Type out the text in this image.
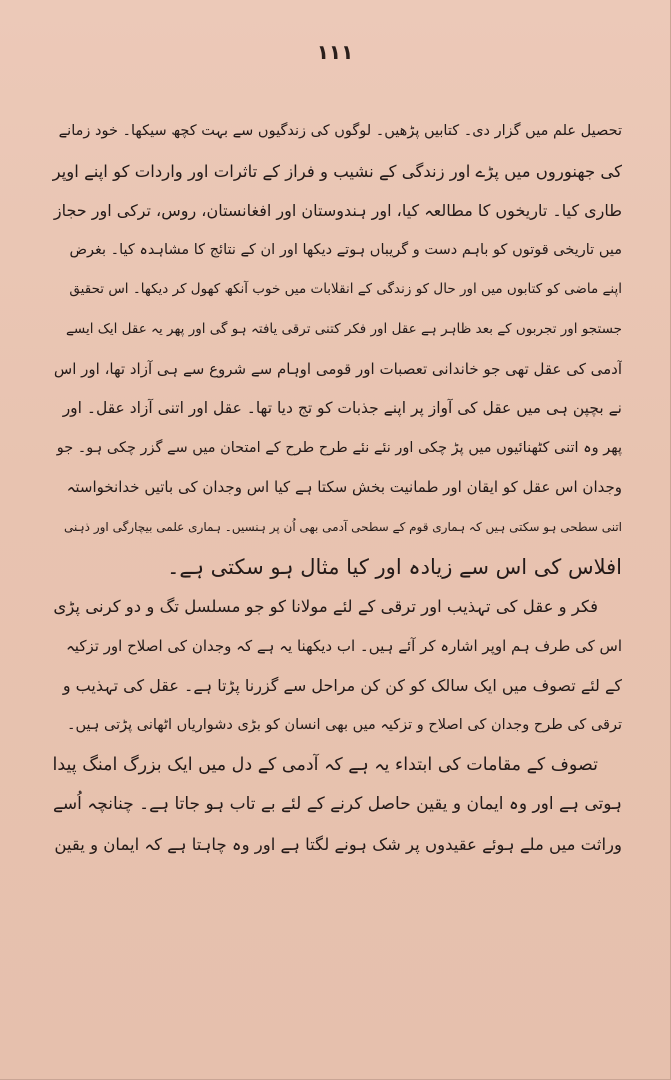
۱۱۱
تحصیل علم میں گزار دی۔ کتابیں پڑھیں۔ لوگوں کی زندگیوں سے بہت کچھ سیکھا۔ خود زمانے
کی جھنوروں میں پڑے اور زندگی کے نشیب و فراز کے تاثرات اور واردات کو اپنے اوپر
طاری کیا۔ تاریخوں کا مطالعہ کیا، اور ہندوستان اور افغانستان، روس، ترکی اور حجاز
میں تاریخی قوتوں کو باہم دست و گریباں ہوتے دیکھا اور ان کے نتائج کا مشاہدہ کیا۔ بغرض
اپنے ماضی کو کتابوں میں اور حال کو زندگی کے انقلابات میں خوب آنکھ کھول کر دیکھا۔ اس تحقیق
جستجو اور تجربوں کے بعد ظاہر ہے عقل اور فکر کتنی ترقی یافتہ ہو گی اور پھر یہ عقل ایک ایسے
آدمی کی عقل تھی جو خاندانی تعصبات اور قومی اوہام سے شروع سے ہی آزاد تھا، اور اس
نے بچپن ہی میں عقل کی آواز پر اپنے جذبات کو تج دیا تھا۔ عقل اور اتنی آزاد عقل۔ اور
پھر وہ اتنی کٹھنائیوں میں پڑ چکی اور نئے نئے طرح طرح کے امتحان میں سے گزر چکی ہو۔ جو
وجدان اس عقل کو ایقان اور طمانیت بخش سکتا ہے کیا اس وجدان کی باتیں خدانخواستہ
اتنی سطحی ہو سکتی ہیں کہ ہماری قوم کے سطحی آدمی بھی اُن پر ہنسیں۔ ہماری علمی بیچارگی اور ذہنی
افلاس کی اس سے زیادہ اور کیا مثال ہو سکتی ہے۔
فکر و عقل کی تہذیب اور ترقی کے لئے مولانا کو جو مسلسل تگ و دو کرنی پڑی
اس کی طرف ہم اوپر اشارہ کر آئے ہیں۔ اب دیکھنا یہ ہے کہ وجدان کی اصلاح اور تزکیہ
کے لئے تصوف میں ایک سالک کو کن کن مراحل سے گزرنا پڑتا ہے۔ عقل کی تہذیب و
ترقی کی طرح وجدان کی اصلاح و تزکیہ میں بھی انسان کو بڑی دشواریاں اٹھانی پڑتی ہیں۔
تصوف کے مقامات کی ابتداء یہ ہے کہ آدمی کے دل میں ایک بزرگ امنگ پیدا
ہوتی ہے اور وہ ایمان و یقین حاصل کرنے کے لئے بے تاب ہو جاتا ہے۔ چنانچہ اُسے
وراثت میں ملے ہوئے عقیدوں پر شک ہونے لگتا ہے اور وہ چاہتا ہے کہ ایمان و یقین
